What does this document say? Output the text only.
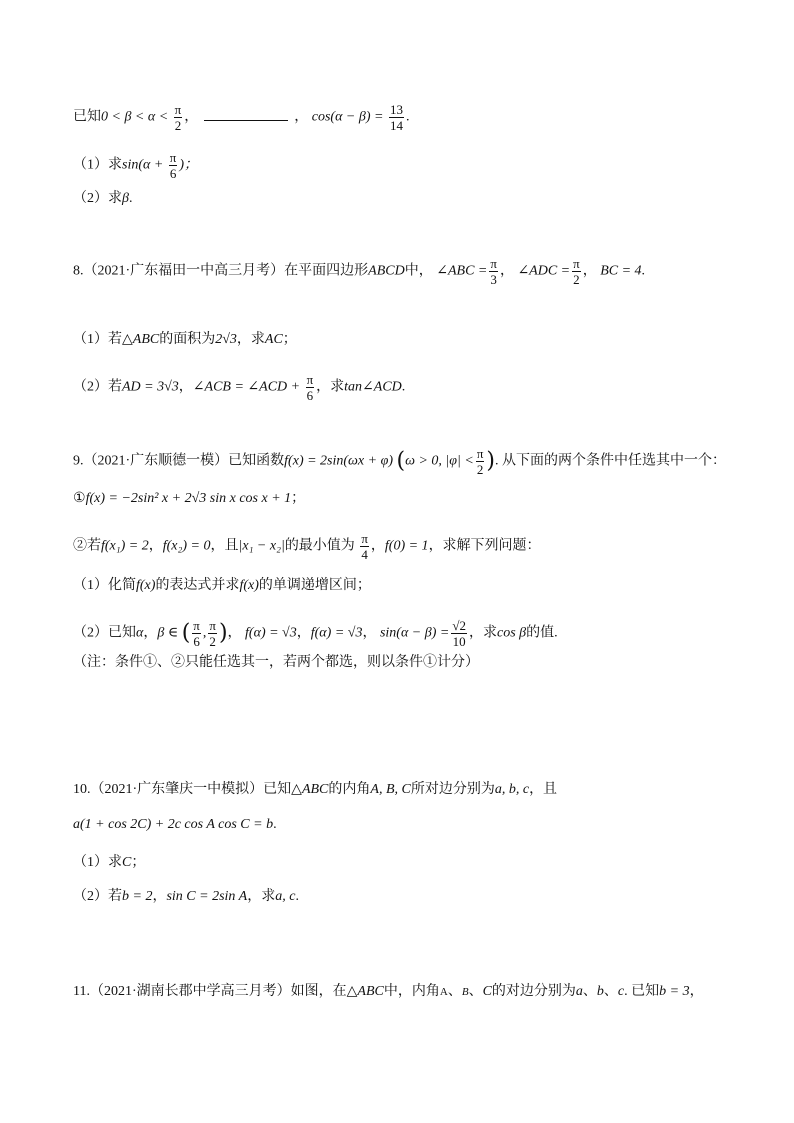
已知$0 < \beta < \alpha < \frac{\pi}{2}$ ，	， $\cos(\alpha - \beta) = \frac{13}{14}$ .
（1）求$\sin(\alpha + \frac{\pi}{6}$ )；
（2）求β.
8.（2021·广东福田一中高三月考）在平面四边形ABCD中， ∠ABC = $\frac{\pi}{3}$ ， ∠ADC = $\frac{\pi}{2}$ ， BC = 4.
（1）若△ABC的面积为2√3，求AC；
（2）若AD = 3√3，∠ACB = ∠ACD + $\frac{\pi}{6}$ ，求tan∠ACD.
9.（2021·广东顺德一模）已知函数f(x) = 2sin(ωx + φ) (ω > 0, $|\varphi| < \frac{\pi}{2}$ ). 从下面的两个条件中任选其中一个：
①f(x) = −2sin² x + 2√3 sin x cos x + 1；
②若f(x₁) = 2，f(x₂) = 0，且|x₁ − x₂|的最小值为 $\frac{\pi}{4}$ ，f(0) = 1，求解下列问题：
（1）化简f(x)的表达式并求f(x)的单调递增区间；
（2）已知α，β ∈ ( $\frac{\pi}{6}$ , $\frac{\pi}{2}$ )， f(α) = √3，f(α) = √3， $\sin(\alpha - \beta) = \frac{√2}{10}$ ，求cos β的值.
（注：条件①、②只能任选其一，若两个都选，则以条件①计分）
10.（2021·广东肇庆一中模拟）已知△ABC的内角A, B, C所对边分别为a, b, c，且
a(1 + cos 2C) + 2c cos A cos C = b.
（1）求C；
（2）若b = 2，sin C = 2sin A，求a, c.
11.（2021·湖南长郡中学高三月考）如图，在△ABC中，内角A、B、C的对边分别为a、b、c. 已知b = 3，
